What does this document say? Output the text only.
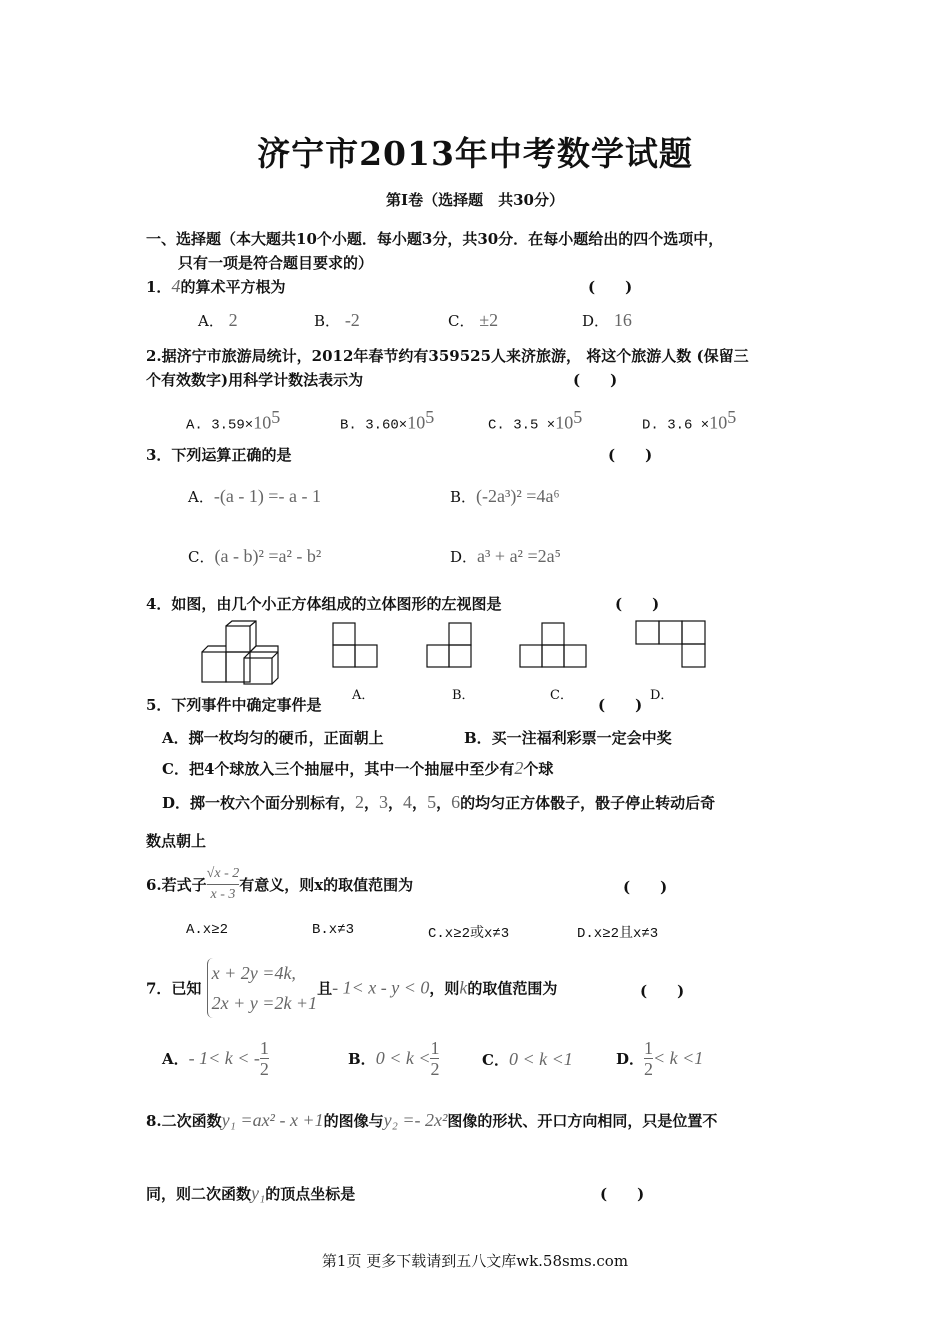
济宁市2013年中考数学试题
第Ⅰ卷（选择题　共30分）
一、选择题（本大题共10个小题．每小题3分，共30分．在每小题给出的四个选项中，
只有一项是符合题目要求的）
1．4的算术平方根为	(　　)
A． 2	B． -2	C． ±2	D． 16
2.据济宁市旅游局统计，2012年春节约有359525人来济旅游， 将这个旅游人数 (保留三
个有效数字)用科学计数法表示为	(　　)
A. $3.59\times 10^5$	B. $3.60\times 10^5$	C. $3.5 \times 10^5$	D. $3.6 \times 10^5$
3．下列运算正确的是	(　　)
A．-(a - 1) =- a - 1	B．(-2a³)² =4a⁶
C．(a - b)² =a² - b²	D．a³ + a² =2a⁵
4．如图，由几个小正方体组成的立体图形的左视图是	(　　)
A．	B．	C．	D．
5．下列事件中确定事件是	(　　)
A．掷一枚均匀的硬币，正面朝上	B．买一注福利彩票一定会中奖
C．把4个球放入三个抽屉中，其中一个抽屉中至少有2个球
D．掷一枚六个面分别标有，2，3，4，5，6的均匀正方体骰子，骰子停止转动后奇
数点朝上
6.若式子 $\frac{√x - 2}{x - 3}$ 有意义，则x的取值范围为	(　　)
A.x≥2	B.x≠3	C.x≥2或x≠3	D.x≥2且x≠3
7．已知
x + 2y =4k,
2x + y =2k +1
且- 1< x - y < 0，则k的取值范围为	(　　)
A．- 1< k < - $\frac{1}{2}$	B．$0 < k < \frac{1}{2}$	C．0 < k <1	D． $\frac{1}{2} < k <1$
8.二次函数y₁ =ax² - x +1的图像与y₂ =- 2x²图像的形状、开口方向相同，只是位置不
同，则二次函数y₁的顶点坐标是	(　　)
第1页 更多下载请到五八文库wk.58sms.com
